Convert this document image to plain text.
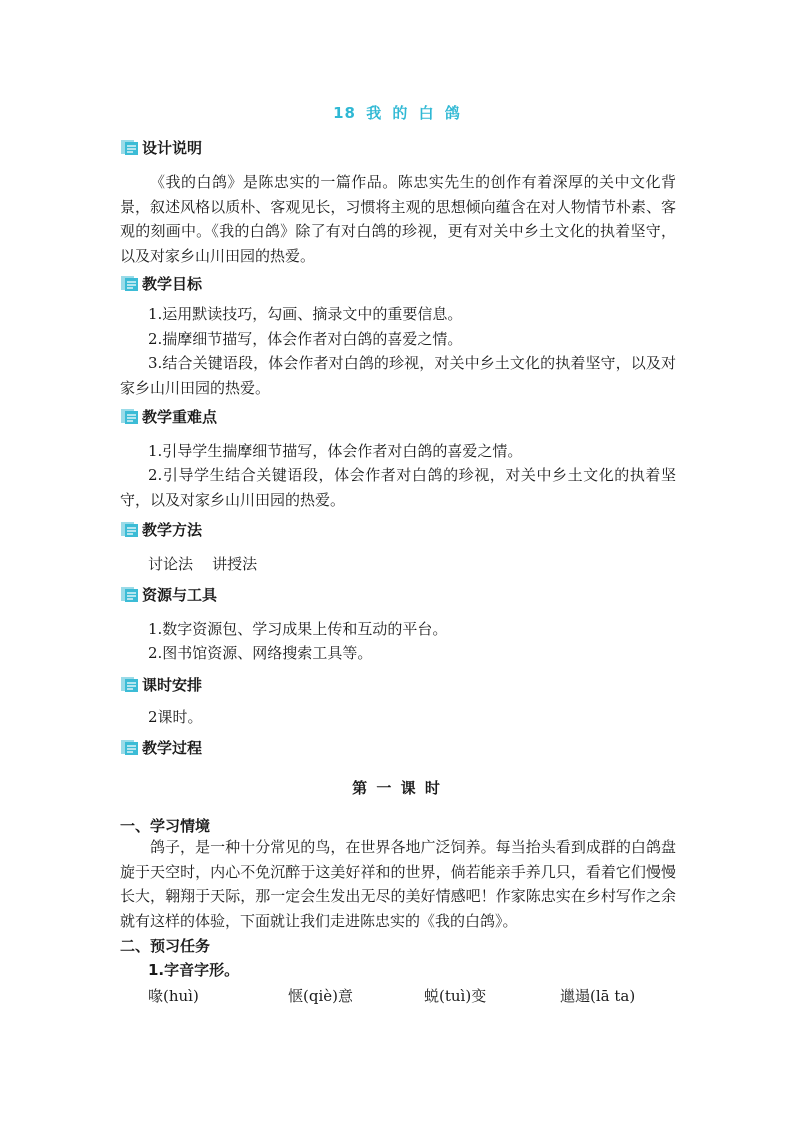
18 我 的 白 鸽
设计说明
《我的白鸽》是陈忠实的一篇作品。陈忠实先生的创作有着深厚的关中文化背景，叙述风格以质朴、客观见长，习惯将主观的思想倾向蕴含在对人物情节朴素、客观的刻画中。《我的白鸽》除了有对白鸽的珍视，更有对关中乡土文化的执着坚守，以及对家乡山川田园的热爱。
教学目标
1.运用默读技巧，勾画、摘录文中的重要信息。
2.揣摩细节描写，体会作者对白鸽的喜爱之情。
3.结合关键语段，体会作者对白鸽的珍视，对关中乡土文化的执着坚守，以及对家乡山川田园的热爱。
教学重难点
1.引导学生揣摩细节描写，体会作者对白鸽的喜爱之情。
2.引导学生结合关键语段，体会作者对白鸽的珍视，对关中乡土文化的执着坚守，以及对家乡山川田园的热爱。
教学方法
讨论法    讲授法
资源与工具
1.数字资源包、学习成果上传和互动的平台。
2.图书馆资源、网络搜索工具等。
课时安排
2课时。
教学过程
第 一 课 时
一、学习情境
鸽子，是一种十分常见的鸟，在世界各地广泛饲养。每当抬头看到成群的白鸽盘旋于天空时，内心不免沉醉于这美好祥和的世界，倘若能亲手养几只，看着它们慢慢长大，翱翔于天际，那一定会生发出无尽的美好情感吧！作家陈忠实在乡村写作之余就有这样的体验，下面就让我们走进陈忠实的《我的白鸽》。
二、预习任务
1.字音字形。
喙(huì)	惬(qiè)意	蜕(tuì)变	邋遢(lā ta)
